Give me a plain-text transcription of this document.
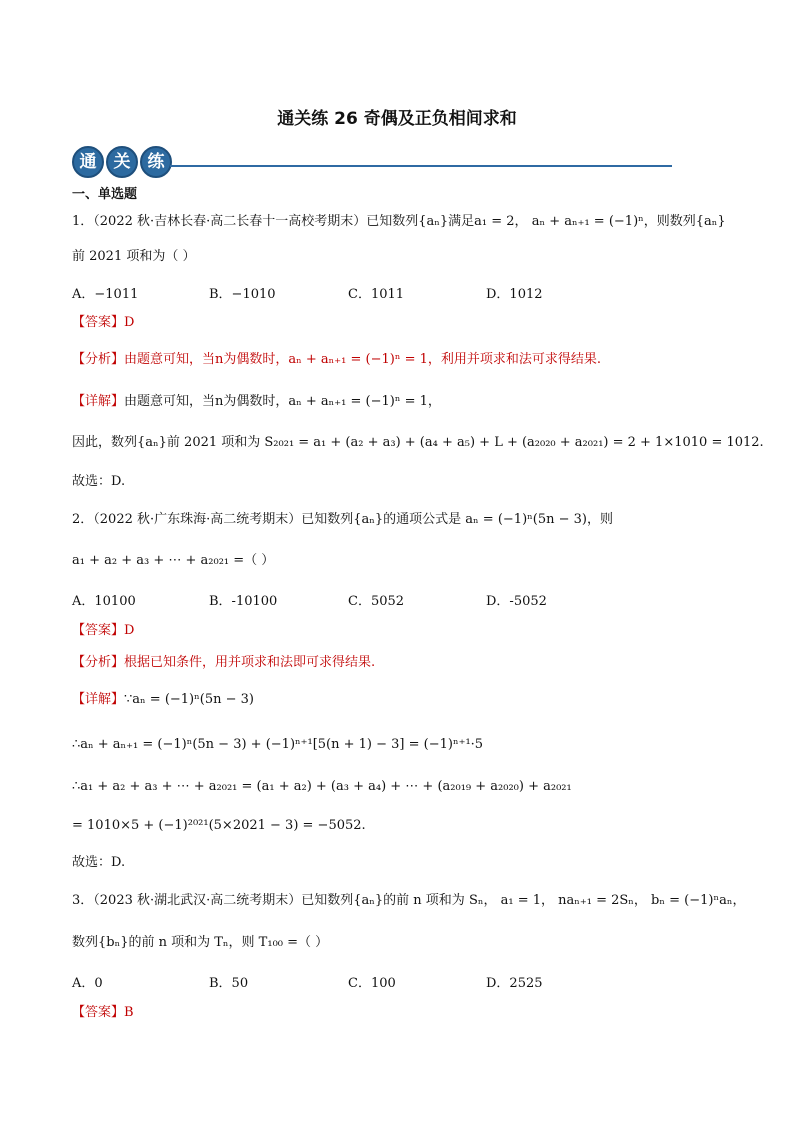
通关练 26 奇偶及正负相间求和
通 关 练
一、单选题
1．（2022 秋·吉林长春·高二长春十一高校考期末）已知数列{aₙ}满足a₁ = 2， aₙ + aₙ₊₁ = (−1)ⁿ，则数列{aₙ}
前 2021 项和为（ ）
A．−1011	B．−1010	C．1011	D．1012
【答案】D
【分析】由题意可知，当n为偶数时，aₙ + aₙ₊₁ = (−1)ⁿ = 1，利用并项求和法可求得结果.
【详解】由题意可知，当n为偶数时，aₙ + aₙ₊₁ = (−1)ⁿ = 1，
因此，数列{aₙ}前 2021 项和为 S₂₀₂₁ = a₁ + (a₂ + a₃) + (a₄ + a₅) + L + (a₂₀₂₀ + a₂₀₂₁) = 2 + 1×1010 = 1012.
故选：D.
2．（2022 秋·广东珠海·高二统考期末）已知数列{aₙ}的通项公式是 aₙ = (−1)ⁿ(5n − 3)，则
a₁ + a₂ + a₃ + ⋯ + a₂₀₂₁ =（ ）
A．10100	B．-10100	C．5052	D．-5052
【答案】D
【分析】根据已知条件，用并项求和法即可求得结果.
【详解】∵aₙ = (−1)ⁿ(5n − 3)
∴aₙ + aₙ₊₁ = (−1)ⁿ(5n − 3) + (−1)ⁿ⁺¹[5(n + 1) − 3] = (−1)ⁿ⁺¹·5
∴a₁ + a₂ + a₃ + ⋯ + a₂₀₂₁ = (a₁ + a₂) + (a₃ + a₄) + ⋯ + (a₂₀₁₉ + a₂₀₂₀) + a₂₀₂₁
= 1010×5 + (−1)²⁰²¹(5×2021 − 3) = −5052.
故选：D.
3．（2023 秋·湖北武汉·高二统考期末）已知数列{aₙ}的前 n 项和为 Sₙ， a₁ = 1， naₙ₊₁ = 2Sₙ， bₙ = (−1)ⁿaₙ，
数列{bₙ}的前 n 项和为 Tₙ，则 T₁₀₀ =（ ）
A．0	B．50	C．100	D．2525
【答案】B
